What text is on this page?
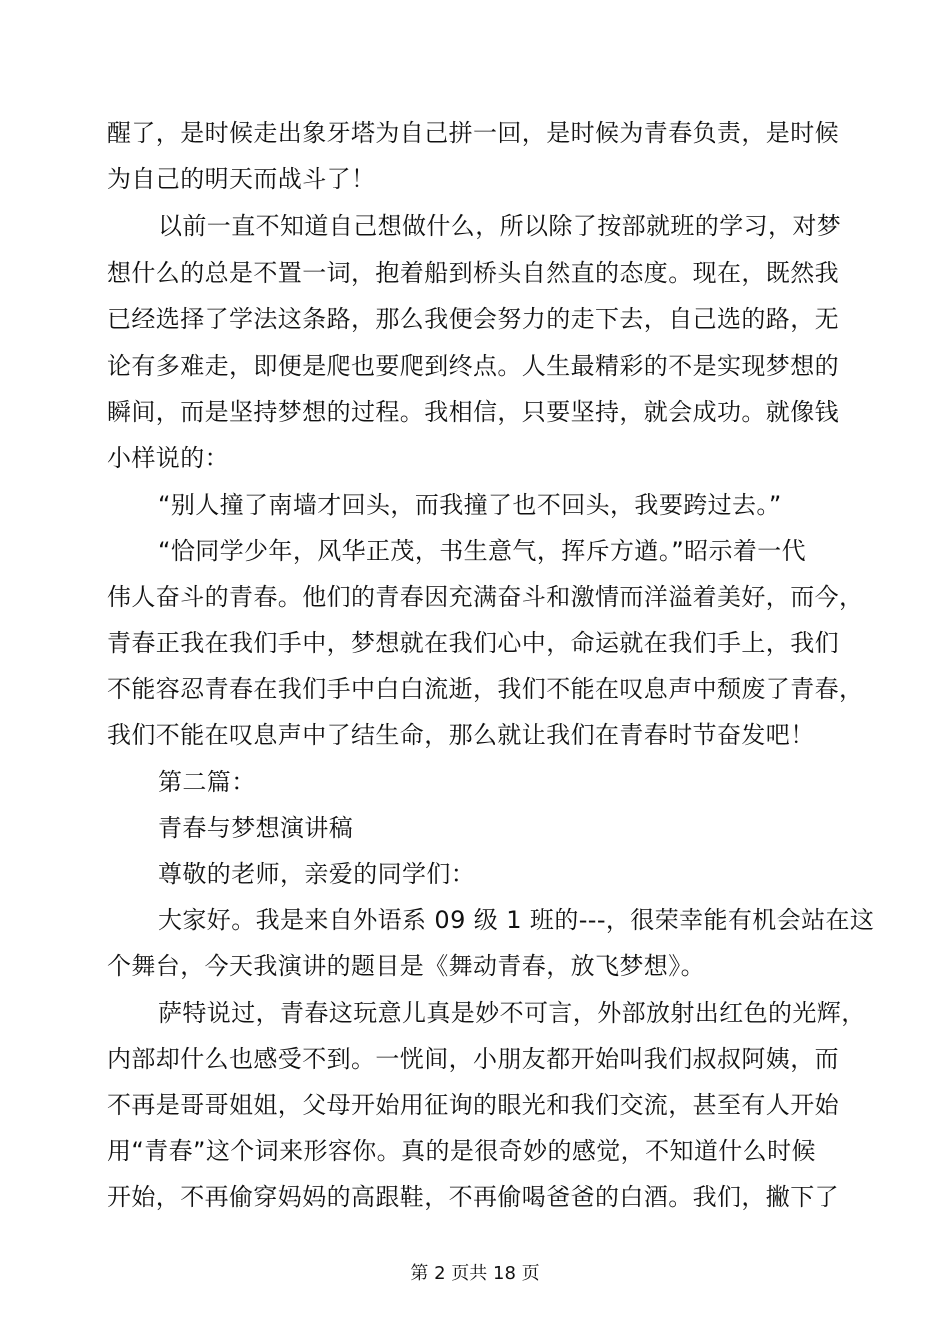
醒了，是时候走出象牙塔为自己拼一回，是时候为青春负责，是时候
为自己的明天而战斗了！
以前一直不知道自己想做什么，所以除了按部就班的学习，对梦
想什么的总是不置一词，抱着船到桥头自然直的态度。现在，既然我
已经选择了学法这条路，那么我便会努力的走下去，自己选的路，无
论有多难走，即便是爬也要爬到终点。人生最精彩的不是实现梦想的
瞬间，而是坚持梦想的过程。我相信，只要坚持，就会成功。就像钱
小样说的：
“别人撞了南墙才回头，而我撞了也不回头，我要跨过去。”
“恰同学少年，风华正茂，书生意气，挥斥方遒。”昭示着一代
伟人奋斗的青春。他们的青春因充满奋斗和激情而洋溢着美好，而今，
青春正我在我们手中，梦想就在我们心中，命运就在我们手上，我们
不能容忍青春在我们手中白白流逝，我们不能在叹息声中颓废了青春，
我们不能在叹息声中了结生命，那么就让我们在青春时节奋发吧！
第二篇：
青春与梦想演讲稿
尊敬的老师，亲爱的同学们：
大家好。我是来自外语系 09 级 1 班的---，很荣幸能有机会站在这
个舞台，今天我演讲的题目是《舞动青春，放飞梦想》。
萨特说过，青春这玩意儿真是妙不可言，外部放射出红色的光辉，
内部却什么也感受不到。一恍间，小朋友都开始叫我们叔叔阿姨，而
不再是哥哥姐姐，父母开始用征询的眼光和我们交流，甚至有人开始
用“青春”这个词来形容你。真的是很奇妙的感觉，不知道什么时候
开始，不再偷穿妈妈的高跟鞋，不再偷喝爸爸的白酒。我们，撇下了
第 2 页共 18 页
